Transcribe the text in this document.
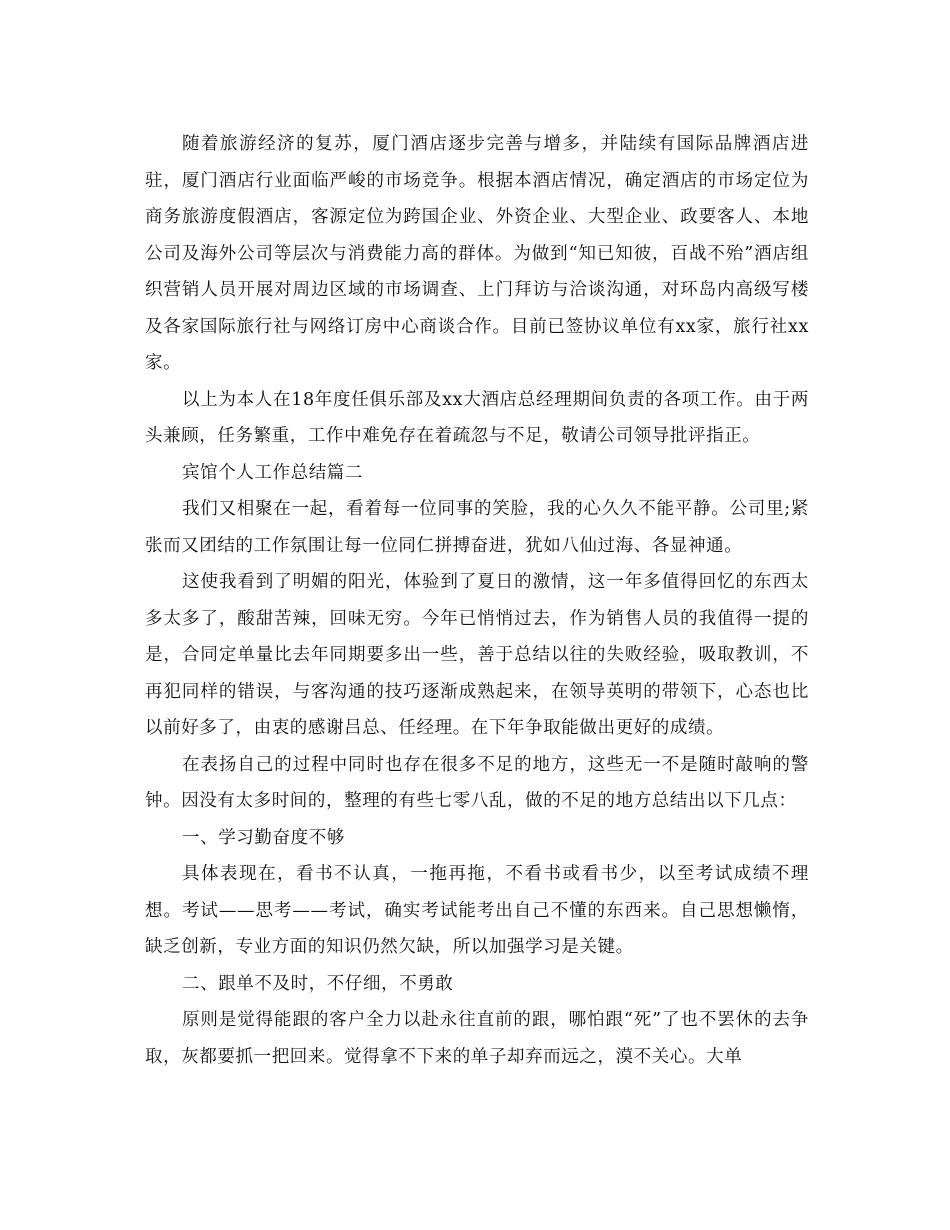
随着旅游经济的复苏，厦门酒店逐步完善与增多，并陆续有国际品牌酒店进驻，厦门酒店行业面临严峻的市场竞争。根据本酒店情况，确定酒店的市场定位为商务旅游度假酒店，客源定位为跨国企业、外资企业、大型企业、政要客人、本地公司及海外公司等层次与消费能力高的群体。为做到“知已知彼，百战不殆”酒店组织营销人员开展对周边区域的市场调查、上门拜访与洽谈沟通，对环岛内高级写楼及各家国际旅行社与网络订房中心商谈合作。目前已签协议单位有xx家，旅行社xx家。

以上为本人在18年度任俱乐部及xx大酒店总经理期间负责的各项工作。由于两头兼顾，任务繁重，工作中难免存在着疏忽与不足，敬请公司领导批评指正。

宾馆个人工作总结篇二

我们又相聚在一起，看着每一位同事的笑脸，我的心久久不能平静。公司里;紧张而又团结的工作氛围让每一位同仁拼搏奋进，犹如八仙过海、各显神通。

这使我看到了明媚的阳光，体验到了夏日的激情，这一年多值得回忆的东西太多太多了，酸甜苦辣，回味无穷。今年已悄悄过去，作为销售人员的我值得一提的是，合同定单量比去年同期要多出一些，善于总结以往的失败经验，吸取教训，不再犯同样的错误，与客沟通的技巧逐渐成熟起来，在领导英明的带领下，心态也比以前好多了，由衷的感谢吕总、任经理。在下年争取能做出更好的成绩。

在表扬自己的过程中同时也存在很多不足的地方，这些无一不是随时敲响的警钟。因没有太多时间的，整理的有些七零八乱，做的不足的地方总结出以下几点：

一、学习勤奋度不够

具体表现在，看书不认真，一拖再拖，不看书或看书少，以至考试成绩不理想。考试——思考——考试，确实考试能考出自己不懂的东西来。自己思想懒惰，缺乏创新，专业方面的知识仍然欠缺，所以加强学习是关键。

二、跟单不及时，不仔细，不勇敢

原则是觉得能跟的客户全力以赴永往直前的跟，哪怕跟“死”了也不罢休的去争取，灰都要抓一把回来。觉得拿不下来的单子却弃而远之，漠不关心。大单
